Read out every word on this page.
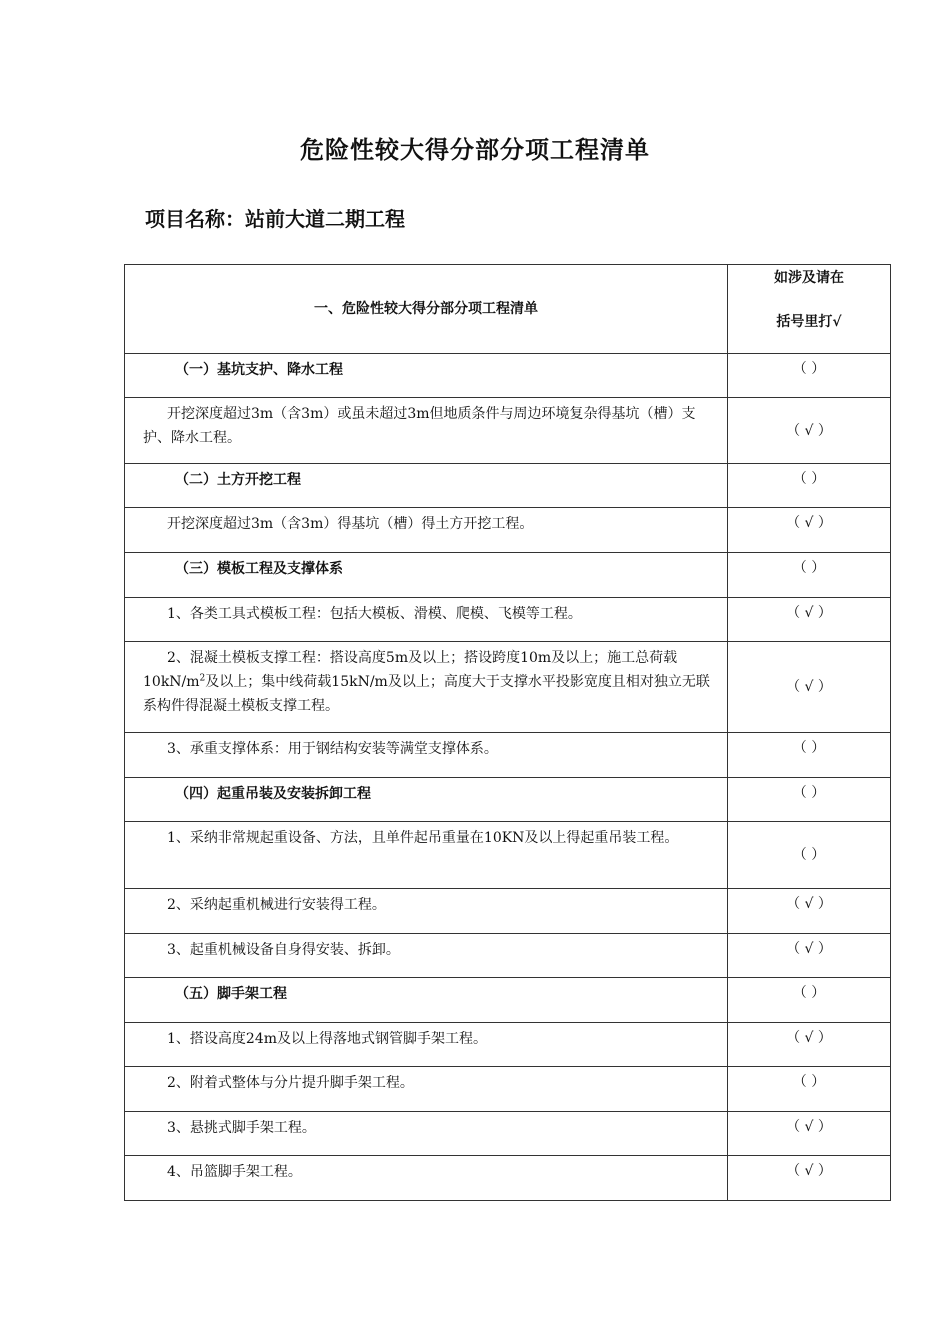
危险性较大得分部分项工程清单
项目名称：站前大道二期工程
一、危险性较大得分部分项工程清单	如涉及请在
括号里打√

（一）基坑支护、降水工程	（ ）
开挖深度超过3m（含3m）或虽未超过3m但地质条件与周边环境复杂得基坑（槽）支护、降水工程。	（ √ ）
（二）土方开挖工程	（ ）
开挖深度超过3m（含3m）得基坑（槽）得土方开挖工程。	（ √ ）
（三）模板工程及支撑体系	（ ）
1、各类工具式模板工程：包括大模板、滑模、爬模、飞模等工程。	（ √ ）
2、混凝土模板支撑工程：搭设高度5m及以上；搭设跨度10m及以上；施工总荷载$10kN/m^2$及以上；集中线荷载15kN/m及以上；高度大于支撑水平投影宽度且相对独立无联系构件得混凝土模板支撑工程。	（ √ ）
3、承重支撑体系：用于钢结构安装等满堂支撑体系。	（ ）
（四）起重吊装及安装拆卸工程	（ ）
1、采纳非常规起重设备、方法，且单件起吊重量在10KN及以上得起重吊装工程。	（ ）
2、采纳起重机械进行安装得工程。	（ √ ）
3、起重机械设备自身得安装、拆卸。	（ √ ）
（五）脚手架工程	（ ）
1、搭设高度24m及以上得落地式钢管脚手架工程。	（ √ ）
2、附着式整体与分片提升脚手架工程。	（ ）
3、悬挑式脚手架工程。	（ √ ）
4、吊篮脚手架工程。	（ √ ）
